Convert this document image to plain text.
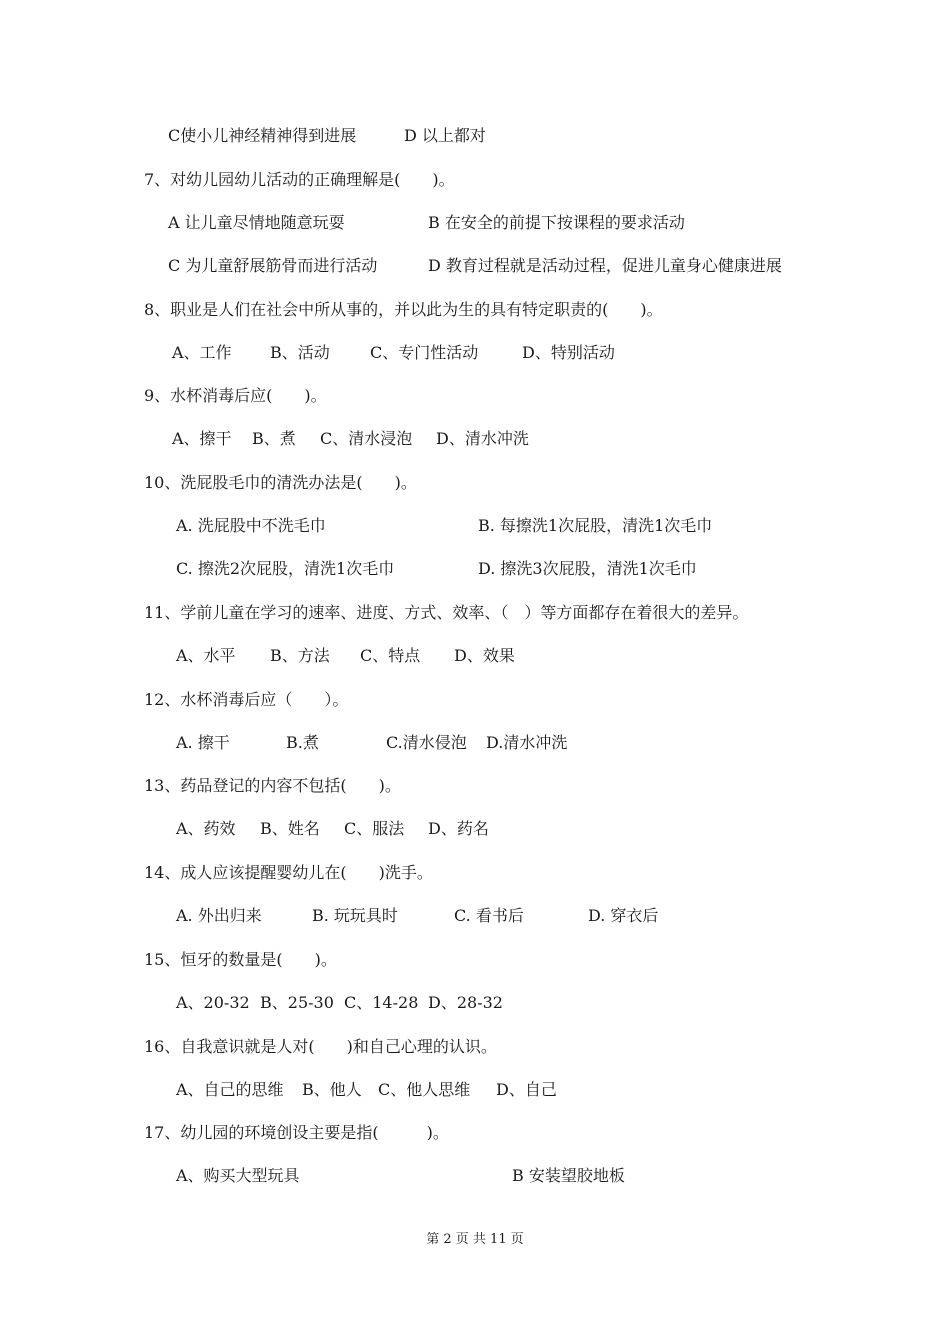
C使小儿神经精神得到进展	D 以上都对
7、对幼儿园幼儿活动的正确理解是(　　)。
A 让儿童尽情地随意玩耍	B 在安全的前提下按课程的要求活动
C 为儿童舒展筋骨而进行活动	D 教育过程就是活动过程，促进儿童身心健康进展
8、职业是人们在社会中所从事的，并以此为生的具有特定职责的(　　)。
A、工作 B、活动	C、专门性活动	D、特别活动
9、水杯消毒后应(　　)。
A、擦干 B、煮 C、清水浸泡 D、清水冲洗
10、洗屁股毛巾的清洗办法是(　　)。
A. 洗屁股中不洗毛巾	B. 每擦洗1次屁股，清洗1次毛巾
C. 擦洗2次屁股，清洗1次毛巾	D. 擦洗3次屁股，清洗1次毛巾
11、学前儿童在学习的速率、进度、方式、效率、（　）等方面都存在着很大的差异。
A、水平 B、方法 C、特点 D、效果
12、水杯消毒后应（　　）。
A. 擦干	B.煮	C.清水侵泡 D.清水冲洗
13、药品登记的内容不包括(　　)。
A、药效 B、姓名 C、服法 D、药名
14、成人应该提醒婴幼儿在(　　)洗手。
A. 外出归来	B. 玩玩具时	C. 看书后	D. 穿衣后
15、恒牙的数量是(　　)。
A、20-32 B、25-30 C、14-28 D、28-32
16、自我意识就是人对(　　)和自己心理的认识。
A、自己的思维 B、他人 C、他人思维 D、自己
17、幼儿园的环境创设主要是指(　　　)。
A、购买大型玩具	B 安装望胶地板
第 2 页 共 11 页
